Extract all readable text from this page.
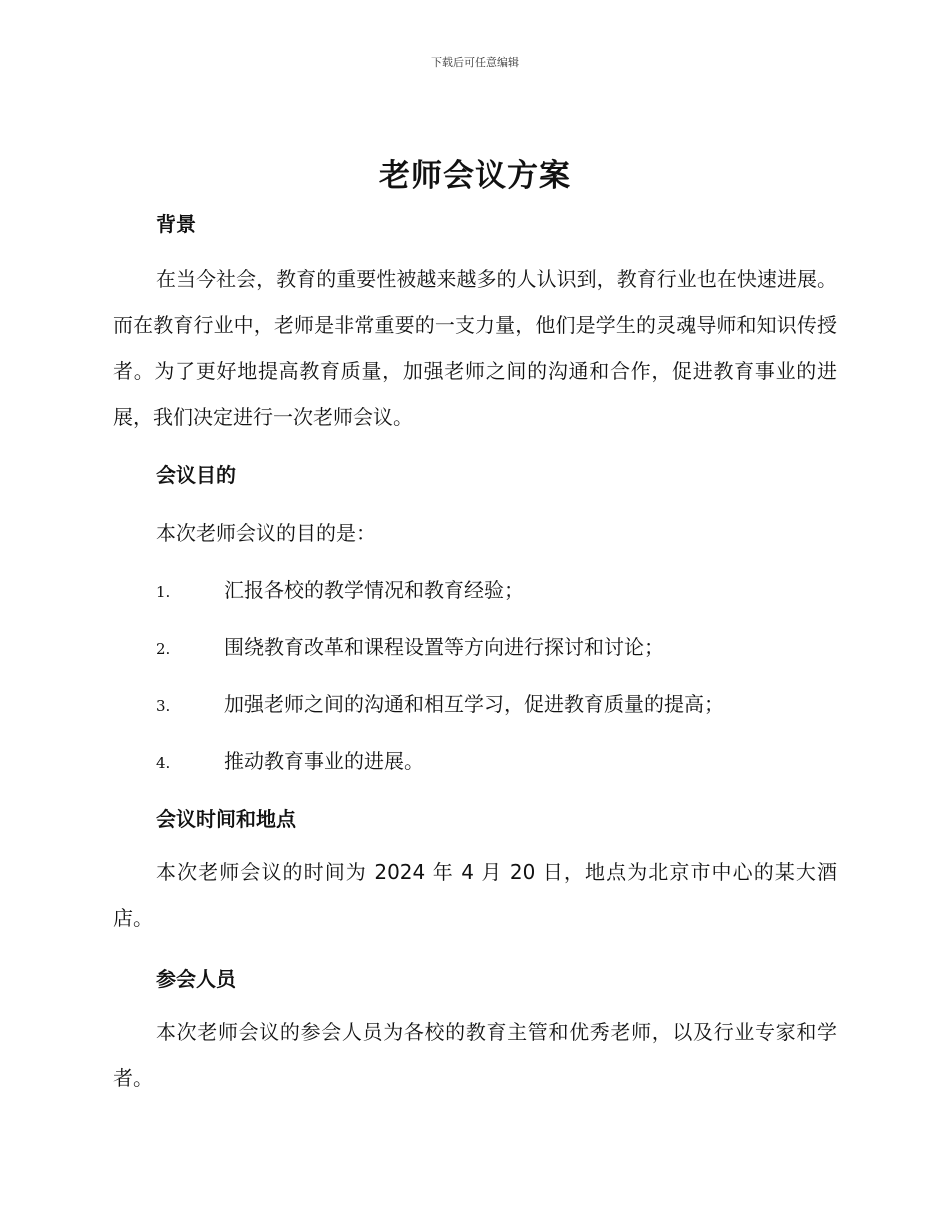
下载后可任意编辑
老师会议方案
背景
在当今社会，教育的重要性被越来越多的人认识到，教育行业也在快速进展。而在教育行业中，老师是非常重要的一支力量，他们是学生的灵魂导师和知识传授者。为了更好地提高教育质量，加强老师之间的沟通和合作，促进教育事业的进展，我们决定进行一次老师会议。
会议目的
本次老师会议的目的是：
1.	汇报各校的教学情况和教育经验；
2.	围绕教育改革和课程设置等方向进行探讨和讨论；
3.	加强老师之间的沟通和相互学习，促进教育质量的提高；
4.	推动教育事业的进展。
会议时间和地点
本次老师会议的时间为 2024 年 4 月 20 日，地点为北京市中心的某大酒店。
参会人员
本次老师会议的参会人员为各校的教育主管和优秀老师，以及行业专家和学者。
